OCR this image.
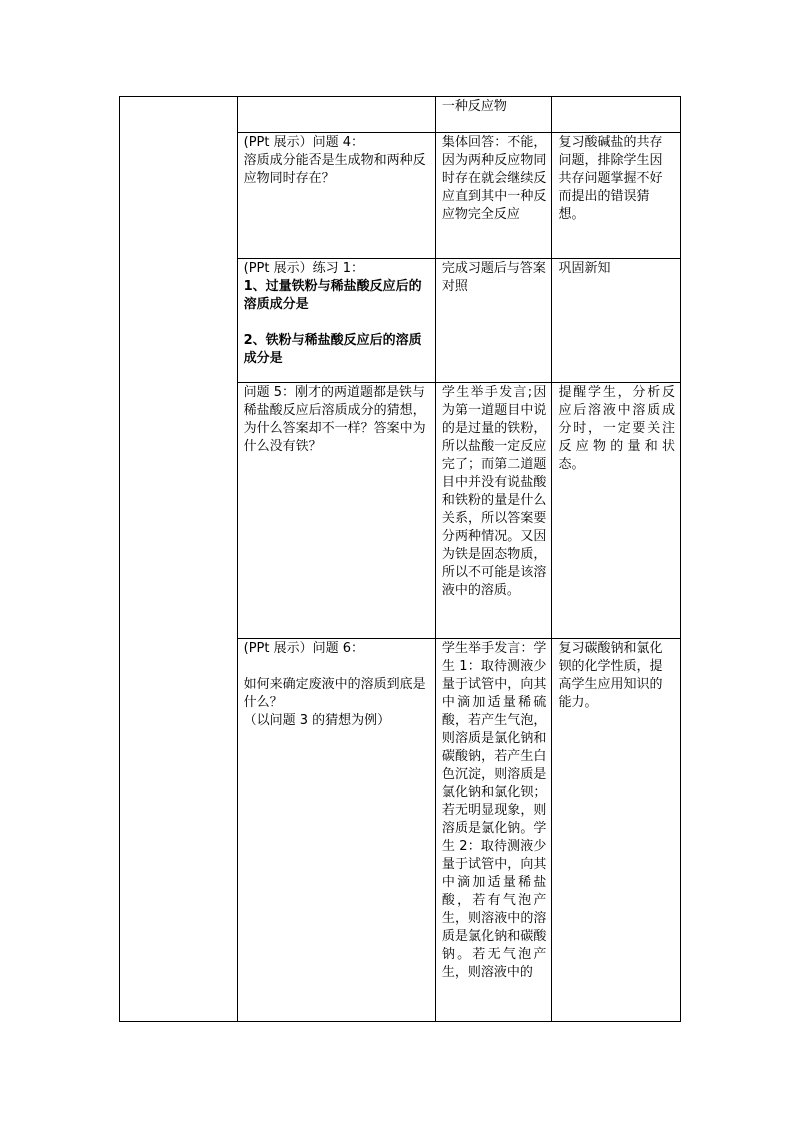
		一种反应物	

	(PPt 展示）问题 4：
溶质成分能否是生成物和两种反应物同时存在？	集体回答：不能，因为两种反应物同时存在就会继续反应直到其中一种反应物完全反应	复习酸碱盐的共存问题，排除学生因共存问题掌握不好而提出的错误猜想。

	(PPt 展示）练习 1：
1、过量铁粉与稀盐酸反应后的溶质成分是
2、铁粉与稀盐酸反应后的溶质成分是	完成习题后与答案对照	巩固新知
	问题 5：刚才的两道题都是铁与稀盐酸反应后溶质成分的猜想，为什么答案却不一样？答案中为什么没有铁？	学生举手发言;因为第一道题目中说的是过量的铁粉，所以盐酸一定反应完了；而第二道题目中并没有说盐酸和铁粉的量是什么关系，所以答案要分两种情况。又因为铁是固态物质，所以不可能是该溶液中的溶质。	提醒学生，分析反应后溶液中溶质成分时，一定要关注反应物的量和状态。

	(PPt 展示）问题 6：
如何来确定废液中的溶质到底是什么？
（以问题 3 的猜想为例）	学生举手发言：学生 1：取待测液少量于试管中，向其中滴加适量稀硫酸，若产生气泡，则溶质是氯化钠和碳酸钠，若产生白色沉淀，则溶质是氯化钠和氯化钡；若无明显现象，则溶质是氯化钠。学生 2：取待测液少量于试管中，向其中滴加适量稀盐酸，若有气泡产生，则溶液中的溶质是氯化钠和碳酸钠。若无气泡产生，则溶液中的	复习碳酸钠和氯化钡的化学性质，提高学生应用知识的能力。
